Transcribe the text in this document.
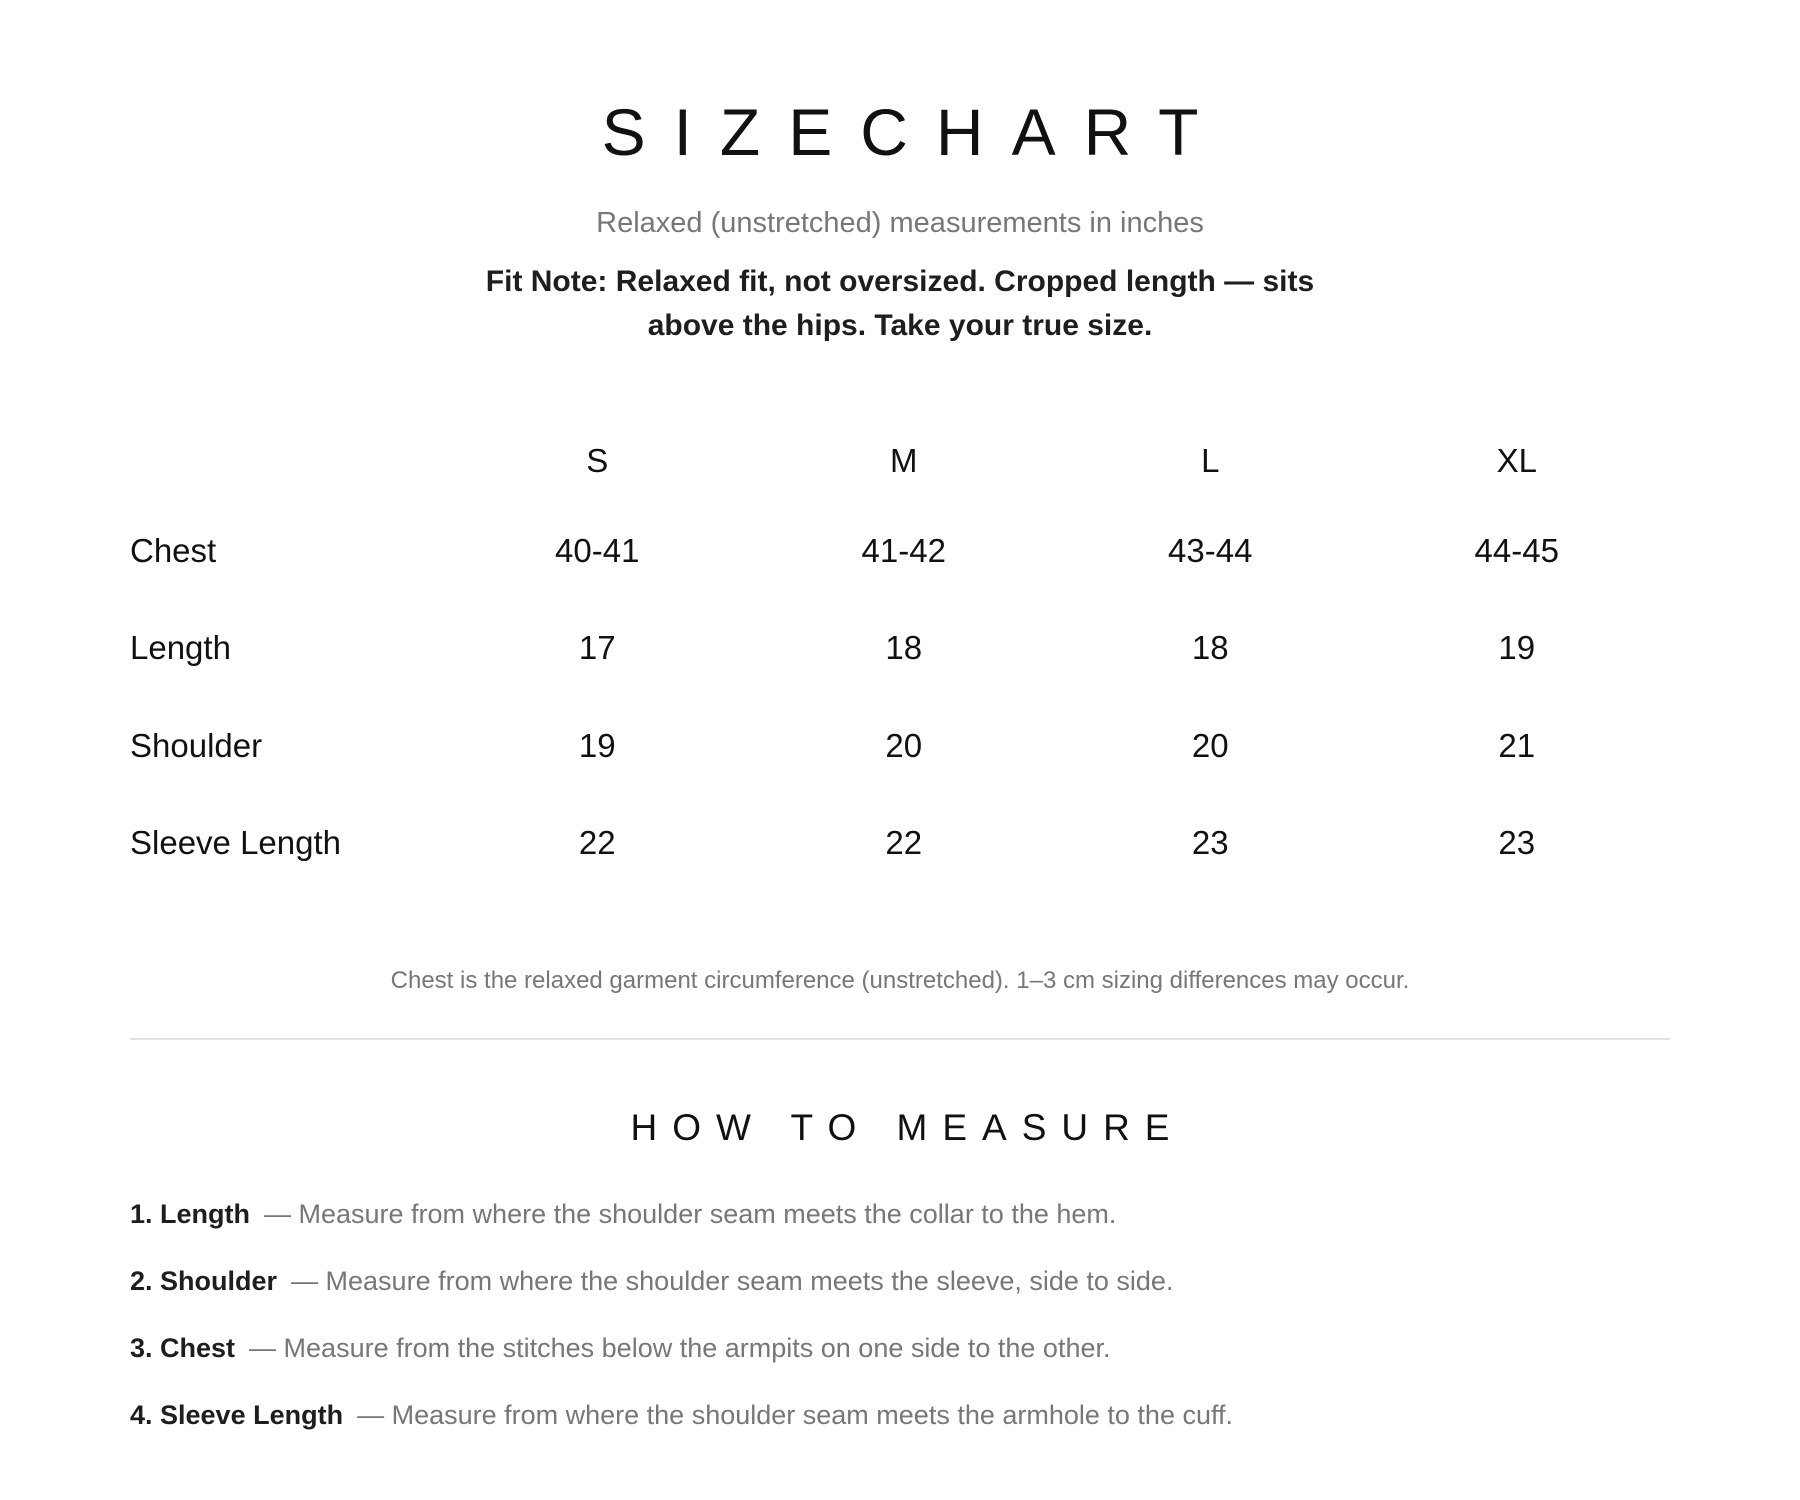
SIZECHART

Relaxed (unstretched) measurements in inches

Fit Note: Relaxed fit, not oversized. Cropped length — sits above the hips. Take your true size.

	S	M	L	XL
Chest	40-41	41-42	43-44	44-45
Length	17	18	18	19
Shoulder	19	20	20	21
Sleeve Length	22	22	23	23

Chest is the relaxed garment circumference (unstretched). 1–3 cm sizing differences may occur.

HOW TO MEASURE
1. Length — Measure from where the shoulder seam meets the collar to the hem.
2. Shoulder — Measure from where the shoulder seam meets the sleeve, side to side.
3. Chest — Measure from the stitches below the armpits on one side to the other.
4. Sleeve Length — Measure from where the shoulder seam meets the armhole to the cuff.
